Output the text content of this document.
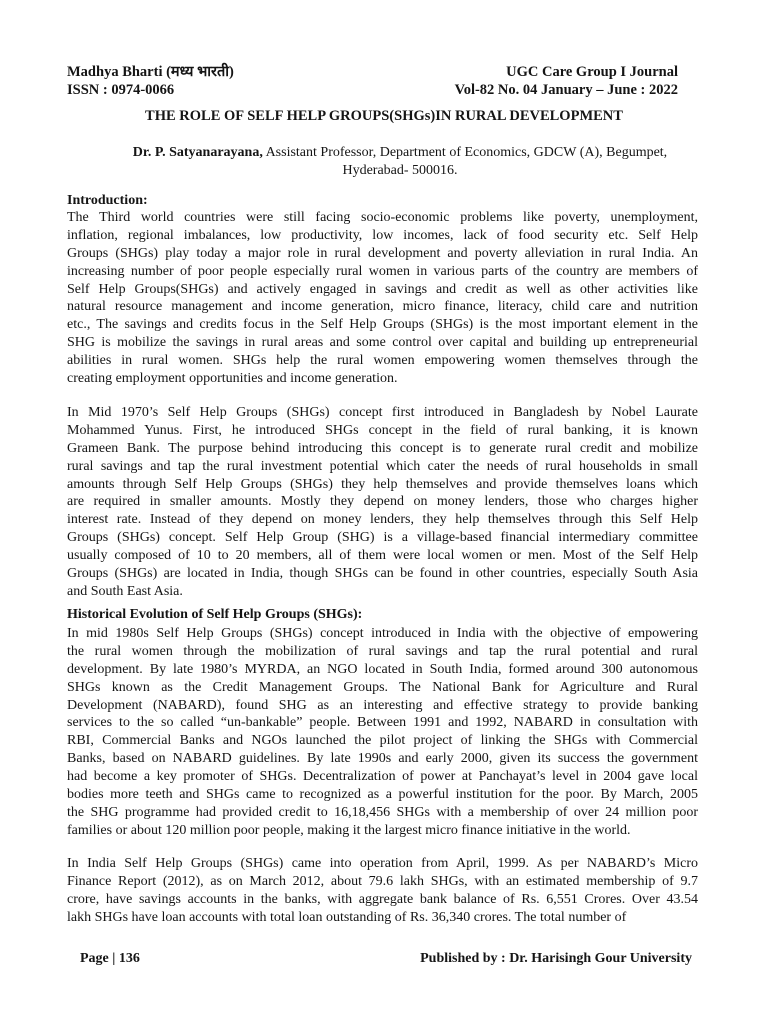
Madhya Bharti (मध्य भारती)
ISSN : 0974-0066
UGC Care Group I Journal
Vol-82 No. 04 January – June : 2022
THE ROLE OF SELF HELP GROUPS(SHGs)IN RURAL DEVELOPMENT
Dr. P. Satyanarayana, Assistant Professor, Department of Economics, GDCW (A), Begumpet,
Hyderabad- 500016.
Introduction:
The Third world countries were still facing socio-economic problems like poverty, unemployment,
inflation, regional imbalances, low productivity, low incomes, lack of food security etc. Self Help
Groups (SHGs) play today a major role in rural development and poverty alleviation in rural India. An
increasing number of poor people especially rural women in various parts of the country are members of
Self Help Groups(SHGs) and actively engaged in savings and credit as well as other activities like
natural resource management and income generation, micro finance, literacy, child care and nutrition
etc., The savings and credits focus in the Self Help Groups (SHGs) is the most important element in the
SHG is mobilize the savings in rural areas and some control over capital and building up entrepreneurial
abilities in rural women. SHGs help the rural women empowering women themselves through the
creating employment opportunities and income generation.
In Mid 1970’s Self Help Groups (SHGs) concept first introduced in Bangladesh by Nobel Laurate
Mohammed Yunus. First, he introduced SHGs concept in the field of rural banking, it is known
Grameen Bank. The purpose behind introducing this concept is to generate rural credit and mobilize
rural savings and tap the rural investment potential which cater the needs of rural households in small
amounts through Self Help Groups (SHGs) they help themselves and provide themselves loans which
are required in smaller amounts. Mostly they depend on money lenders, those who charges higher
interest rate. Instead of they depend on money lenders, they help themselves through this Self Help
Groups (SHGs) concept. Self Help Group (SHG) is a village-based financial intermediary committee
usually composed of 10 to 20 members, all of them were local women or men. Most of the Self Help
Groups (SHGs) are located in India, though SHGs can be found in other countries, especially South Asia
and South East Asia.
Historical Evolution of Self Help Groups (SHGs):
In mid 1980s Self Help Groups (SHGs) concept introduced in India with the objective of empowering
the rural women through the mobilization of rural savings and tap the rural potential and rural
development. By late 1980’s MYRDA, an NGO located in South India, formed around 300 autonomous
SHGs known as the Credit Management Groups. The National Bank for Agriculture and Rural
Development (NABARD), found SHG as an interesting and effective strategy to provide banking
services to the so called “un-bankable” people. Between 1991 and 1992, NABARD in consultation with
RBI, Commercial Banks and NGOs launched the pilot project of linking the SHGs with Commercial
Banks, based on NABARD guidelines. By late 1990s and early 2000, given its success the government
had become a key promoter of SHGs. Decentralization of power at Panchayat’s level in 2004 gave local
bodies more teeth and SHGs came to recognized as a powerful institution for the poor. By March, 2005
the SHG programme had provided credit to 16,18,456 SHGs with a membership of over 24 million poor
families or about 120 million poor people, making it the largest micro finance initiative in the world.
In India Self Help Groups (SHGs) came into operation from April, 1999. As per NABARD’s Micro
Finance Report (2012), as on March 2012, about 79.6 lakh SHGs, with an estimated membership of 9.7
crore, have savings accounts in the banks, with aggregate bank balance of Rs. 6,551 Crores. Over 43.54
lakh SHGs have loan accounts with total loan outstanding of Rs. 36,340 crores. The total number of
Page | 136	Published by : Dr. Harisingh Gour University
